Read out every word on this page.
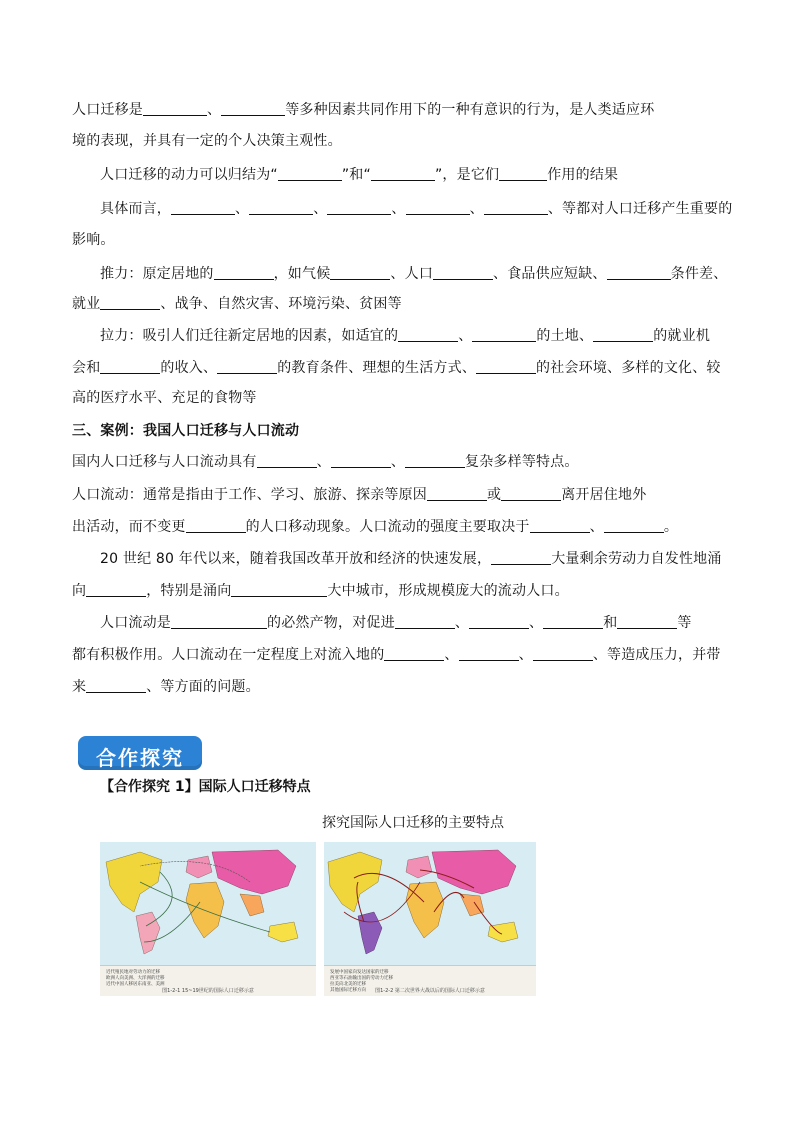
人口迁移是	、	等多种因素共同作用下的一种有意识的行为，是人类适应环
境的表现，并具有一定的个人决策主观性。
人口迁移的动力可以归结为“	”和“	”，是它们	作用的结果
具体而言，	、	、	、	、	、等都对人口迁移产生重要的
影响。
推力：原定居地的	，如气候	、人口	、食品供应短缺、	条件差、
就业	、战争、自然灾害、环境污染、贫困等
拉力：吸引人们迁往新定居地的因素，如适宜的	、	的土地、	的就业机
会和	的收入、	的教育条件、理想的生活方式、	的社会环境、多样的文化、较
高的医疗水平、充足的食物等
三、案例：我国人口迁移与人口流动
国内人口迁移与人口流动具有	、	、	复杂多样等特点。
人口流动：通常是指由于工作、学习、旅游、探亲等原因	或	离开居住地外
出活动，而不变更	的人口移动现象。人口流动的强度主要取决于	、	。
20 世纪 80 年代以来，随着我国改革开放和经济的快速发展，	大量剩余劳动力自发性地涌
向	，特别是涌向	大中城市，形成规模庞大的流动人口。
人口流动是	的必然产物，对促进	、	、	和	等
都有积极作用。人口流动在一定程度上对流入地的	、	、	、等造成压力，并带
来	、等方面的问题。
合作探究
【合作探究 1】国际人口迁移特点
探究国际人口迁移的主要特点
近代殖民地对劳动力的迁移
欧洲人向美洲、大洋洲的迁移
近代中国人移居东南亚、美洲
图1-2-1 15~19世纪的国际人口迁移示意
发展中国家向发达国家的迁移
西亚等石油输出国的劳动力迁移
拉美向北美的迁移
其他国际迁移方向	图1-2-2 第二次世界大战以后的国际人口迁移示意
